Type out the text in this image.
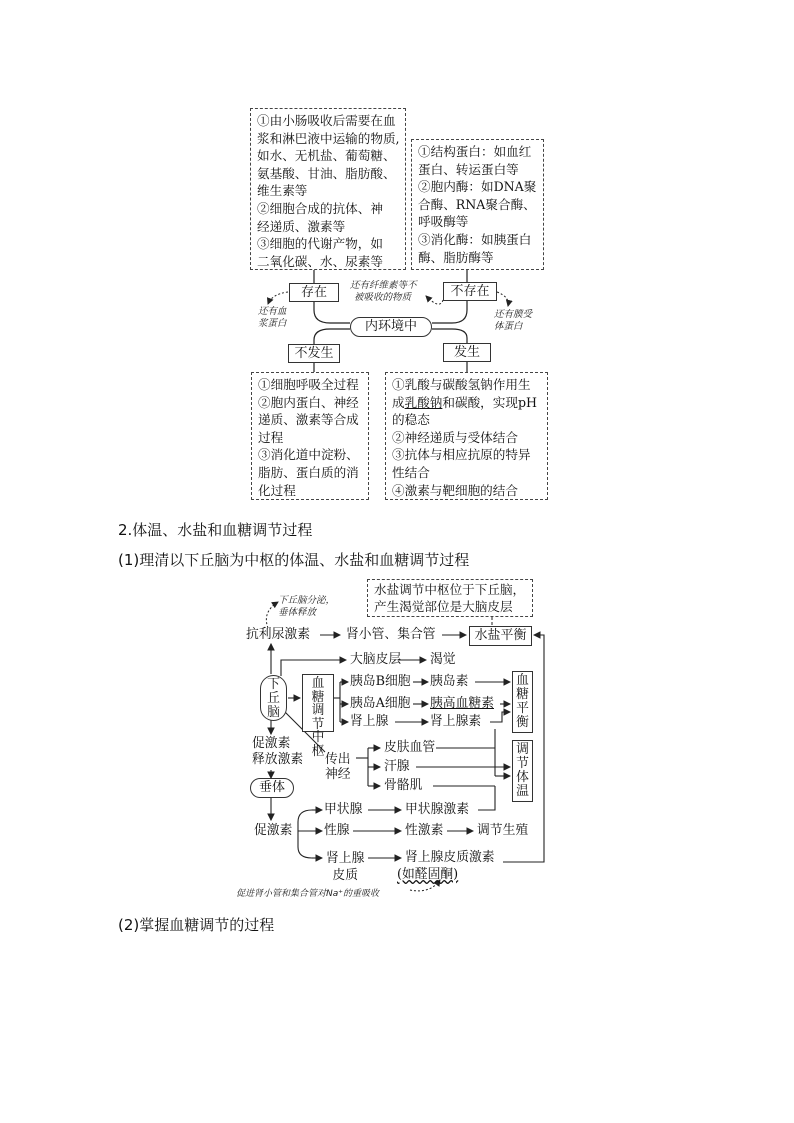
①由小肠吸收后需要在血
浆和淋巴液中运输的物质,
如水、无机盐、葡萄糖、
氨基酸、甘油、脂肪酸、
维生素等
②细胞合成的抗体、神
经递质、激素等
③细胞的代谢产物，如
二氧化碳、水、尿素等
①结构蛋白：如血红
蛋白、转运蛋白等
②胞内酶：如DNA聚
合酶、RNA聚合酶、
呼吸酶等
③消化酶：如胰蛋白
酶、脂肪酶等
存在	不存在
内环境中
不发生	发生
还有血
浆蛋白
还有纤维素等不
被吸收的物质
还有膜受
体蛋白
①细胞呼吸全过程
②胞内蛋白、神经
递质、激素等合成
过程
③消化道中淀粉、
脂肪、蛋白质的消
化过程
①乳酸与碳酸氢钠作用生
成乳酸钠和碳酸，实现pH
的稳态
②神经递质与受体结合
③抗体与相应抗原的特异
性结合
④激素与靶细胞的结合
2.体温、水盐和血糖调节过程
(1)理清以下丘脑为中枢的体温、水盐和血糖调节过程
水盐调节中枢位于下丘脑，
产生渴觉部位是大脑皮层
下丘脑分泌，
垂体释放
抗利尿激素	肾小管、集合管	水盐平衡
大脑皮层 渴觉
下丘脑
血糖调节中枢
胰岛B细胞 胰岛素
胰岛A细胞 胰高血糖素
肾上腺	肾上腺素
血糖平衡
传出
神经
皮肤血管
汗腺
骨骼肌
调节体温
促激素
释放激素
垂体
促激素
甲状腺	甲状腺激素
性腺	性激素	调节生殖
肾上腺
皮质
肾上腺皮质激素
(如醛固酮)
促进肾小管和集合管对Na⁺的重吸收
(2)掌握血糖调节的过程
